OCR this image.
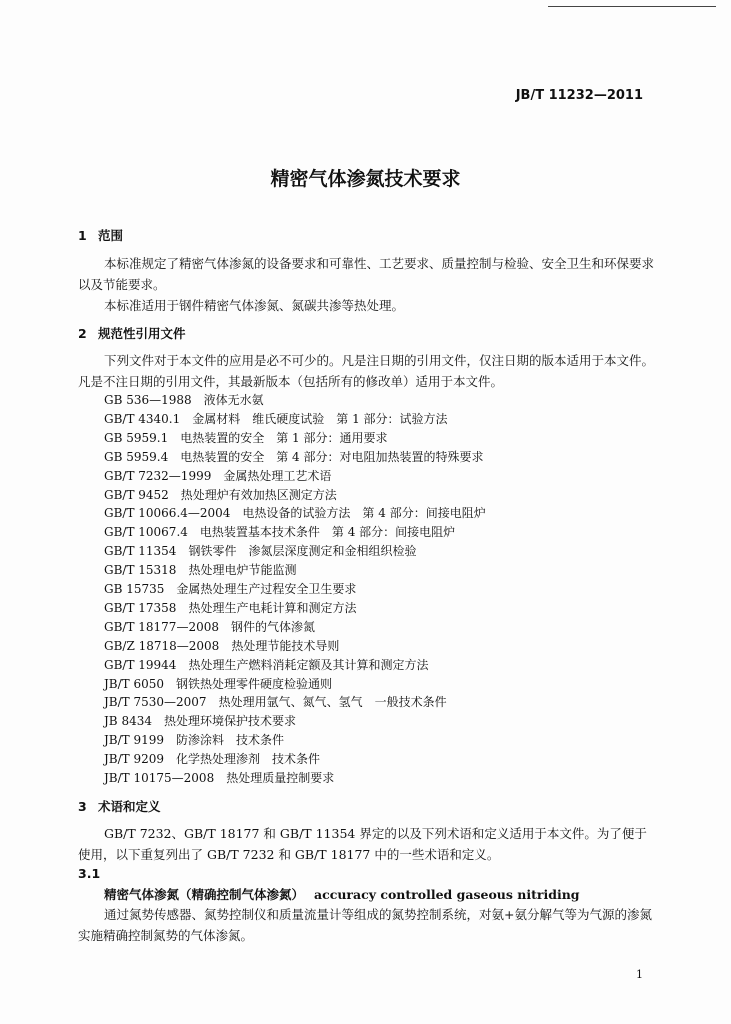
JB/T 11232—2011
精密气体渗氮技术要求
1 范围
本标准规定了精密气体渗氮的设备要求和可靠性、工艺要求、质量控制与检验、安全卫生和环保要求以及节能要求。
本标准适用于钢件精密气体渗氮、氮碳共渗等热处理。
2 规范性引用文件
下列文件对于本文件的应用是必不可少的。凡是注日期的引用文件，仅注日期的版本适用于本文件。凡是不注日期的引用文件，其最新版本（包括所有的修改单）适用于本文件。
GB 536—1988　液体无水氨
GB/T 4340.1　金属材料　维氏硬度试验　第 1 部分：试验方法
GB 5959.1　电热装置的安全　第 1 部分：通用要求
GB 5959.4　电热装置的安全　第 4 部分：对电阻加热装置的特殊要求
GB/T 7232—1999　金属热处理工艺术语
GB/T 9452　热处理炉有效加热区测定方法
GB/T 10066.4—2004　电热设备的试验方法　第 4 部分：间接电阻炉
GB/T 10067.4　电热装置基本技术条件　第 4 部分：间接电阻炉
GB/T 11354　钢铁零件　渗氮层深度测定和金相组织检验
GB/T 15318　热处理电炉节能监测
GB 15735　金属热处理生产过程安全卫生要求
GB/T 17358　热处理生产电耗计算和测定方法
GB/T 18177—2008　钢件的气体渗氮
GB/Z 18718—2008　热处理节能技术导则
GB/T 19944　热处理生产燃料消耗定额及其计算和测定方法
JB/T 6050　钢铁热处理零件硬度检验通则
JB/T 7530—2007　热处理用氩气、氮气、氢气　一般技术条件
JB 8434　热处理环境保护技术要求
JB/T 9199　防渗涂料　技术条件
JB/T 9209　化学热处理渗剂　技术条件
JB/T 10175—2008　热处理质量控制要求
3 术语和定义
GB/T 7232、GB/T 18177 和 GB/T 11354 界定的以及下列术语和定义适用于本文件。为了便于使用，以下重复列出了 GB/T 7232 和 GB/T 18177 中的一些术语和定义。
3.1
精密气体渗氮（精确控制气体渗氮） accuracy controlled gaseous nitriding
通过氮势传感器、氮势控制仪和质量流量计等组成的氮势控制系统，对氨+氨分解气等为气源的渗氮实施精确控制氮势的气体渗氮。
1
